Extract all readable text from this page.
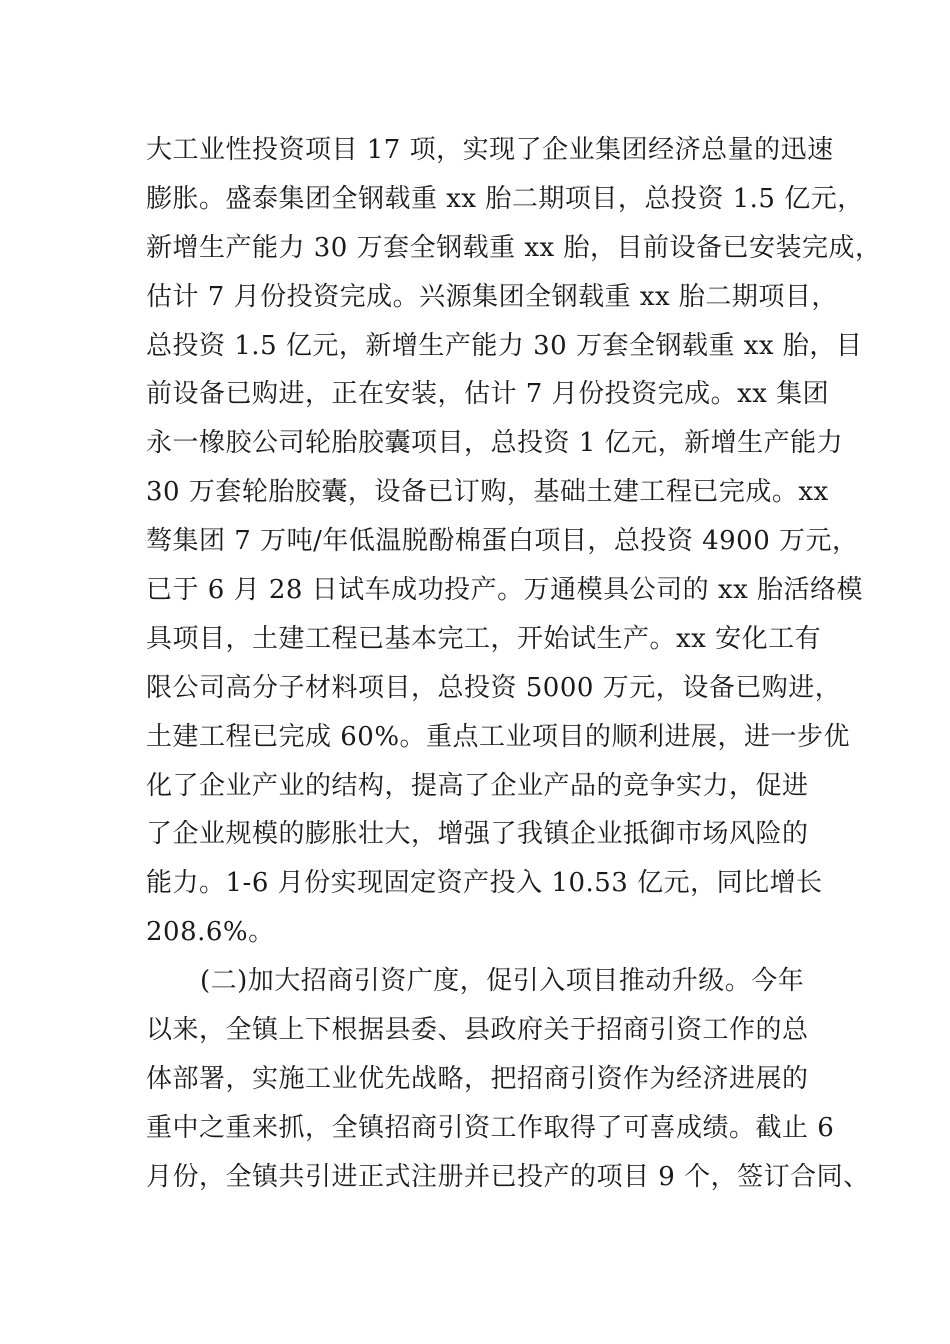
大工业性投资项目 17 项，实现了企业集团经济总量的迅速
膨胀。盛泰集团全钢载重 xx 胎二期项目，总投资 1.5 亿元，
新增生产能力 30 万套全钢载重 xx 胎，目前设备已安装完成，
估计 7 月份投资完成。兴源集团全钢载重 xx 胎二期项目，
总投资 1.5 亿元，新增生产能力 30 万套全钢载重 xx 胎，目
前设备已购进，正在安装，估计 7 月份投资完成。xx 集团
永一橡胶公司轮胎胶囊项目，总投资 1 亿元，新增生产能力
30 万套轮胎胶囊，设备已订购，基础土建工程已完成。xx
骜集团 7 万吨/年低温脱酚棉蛋白项目，总投资 4900 万元，
已于 6 月 28 日试车成功投产。万通模具公司的 xx 胎活络模
具项目，土建工程已基本完工，开始试生产。xx 安化工有
限公司高分子材料项目，总投资 5000 万元，设备已购进，
土建工程已完成 60%。重点工业项目的顺利进展，进一步优
化了企业产业的结构，提高了企业产品的竞争实力，促进
了企业规模的膨胀壮大，增强了我镇企业抵御市场风险的
能力。1-6 月份实现固定资产投入 10.53 亿元，同比增长
208.6%。
(二)加大招商引资广度，促引入项目推动升级。今年
以来，全镇上下根据县委、县政府关于招商引资工作的总
体部署，实施工业优先战略，把招商引资作为经济进展的
重中之重来抓，全镇招商引资工作取得了可喜成绩。截止 6
月份，全镇共引进正式注册并已投产的项目 9 个，签订合同、
